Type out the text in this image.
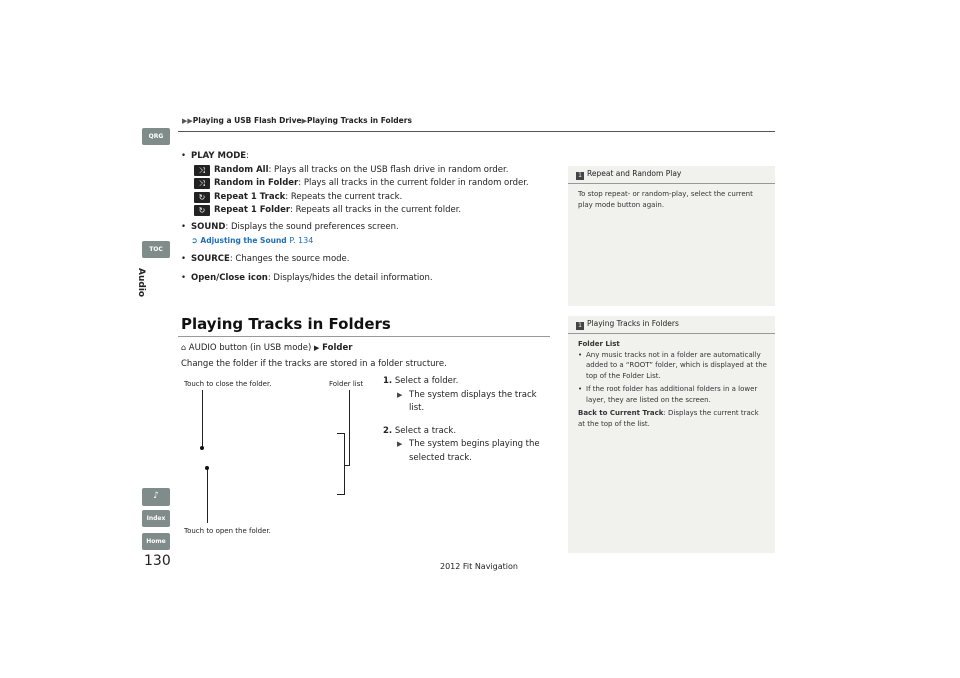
QRG
TOC
Audio
♪
Index
Home
▶▶Playing a USB Flash Drive▶Playing Tracks in Folders
• PLAY MODE:
⤨	Random All: Plays all tracks on the USB flash drive in random order.
⤨	Random in Folder: Plays all tracks in the current folder in random order.
↻	Repeat 1 Track: Repeats the current track.
↻	Repeat 1 Folder: Repeats all tracks in the current folder.
• SOUND: Displays the sound preferences screen.
➲ Adjusting the Sound P. 134
• SOURCE: Changes the source mode.
• Open/Close icon: Displays/hides the detail information.
Playing Tracks in Folders
⌂ AUDIO button (in USB mode) ▶ Folder
Change the folder if the tracks are stored in a folder structure.
1. Select a folder.
▶ The system displays the track list.
2. Select a track.
▶ The system begins playing the selected track.
Touch to close the folder.	Folder list
Touch to open the folder.
1 Repeat and Random Play
To stop repeat- or random-play, select the current play mode button again.
1 Playing Tracks in Folders
Folder List
• Any music tracks not in a folder are automatically added to a “ROOT” folder, which is displayed at the top of the Folder List.
• If the root folder has additional folders in a lower layer, they are listed on the screen.
Back to Current Track: Displays the current track at the top of the list.
130	2012 Fit Navigation
